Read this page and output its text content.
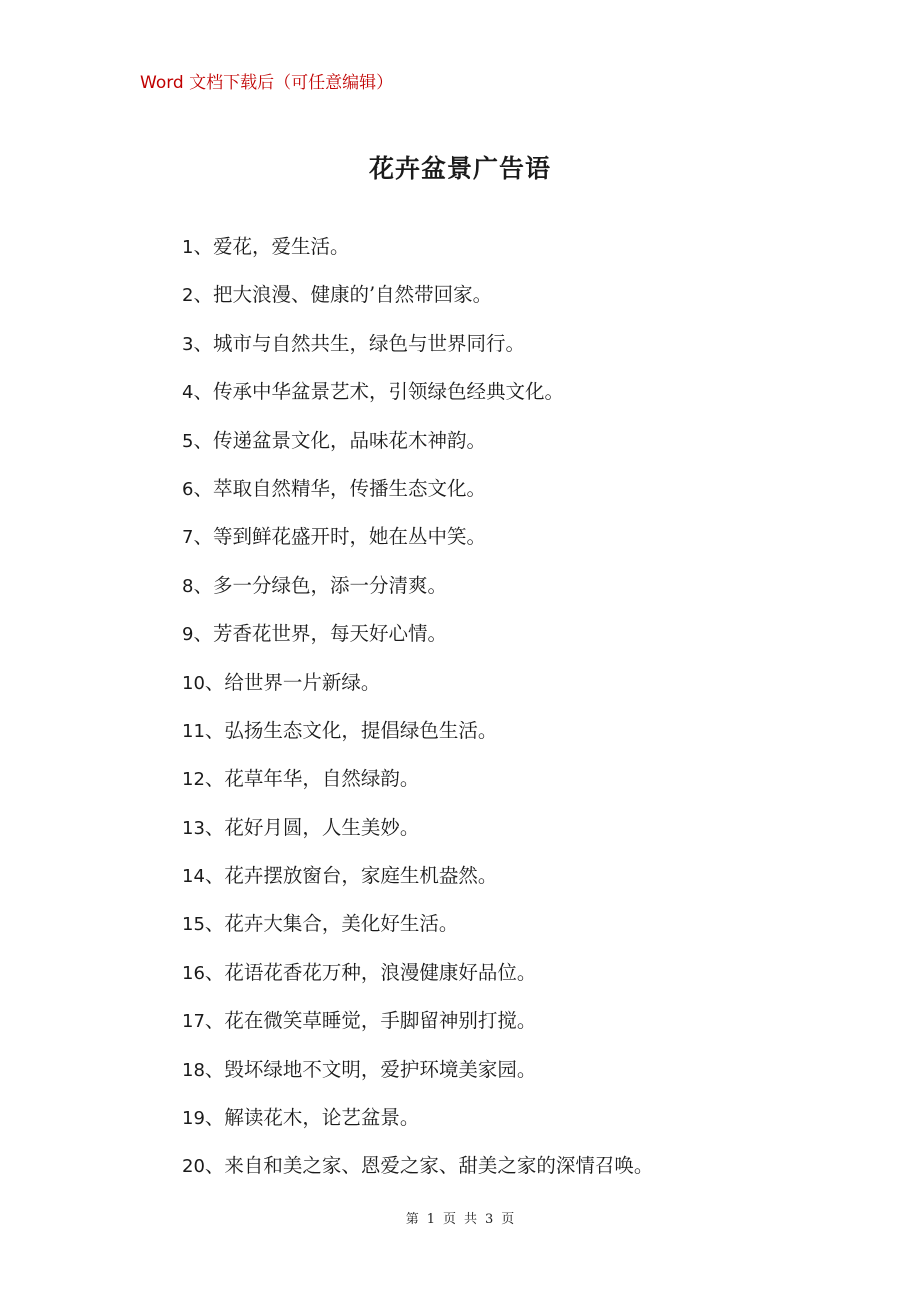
Word 文档下载后（可任意编辑）
花卉盆景广告语
1、爱花，爱生活。
2、把大浪漫、健康的’自然带回家。
3、城市与自然共生，绿色与世界同行。
4、传承中华盆景艺术，引领绿色经典文化。
5、传递盆景文化，品味花木神韵。
6、萃取自然精华，传播生态文化。
7、等到鲜花盛开时，她在丛中笑。
8、多一分绿色，添一分清爽。
9、芳香花世界，每天好心情。
10、给世界一片新绿。
11、弘扬生态文化，提倡绿色生活。
12、花草年华，自然绿韵。
13、花好月圆，人生美妙。
14、花卉摆放窗台，家庭生机盎然。
15、花卉大集合，美化好生活。
16、花语花香花万种，浪漫健康好品位。
17、花在微笑草睡觉，手脚留神别打搅。
18、毁坏绿地不文明，爱护环境美家园。
19、解读花木，论艺盆景。
20、来自和美之家、恩爱之家、甜美之家的深情召唤。
第 1 页 共 3 页
